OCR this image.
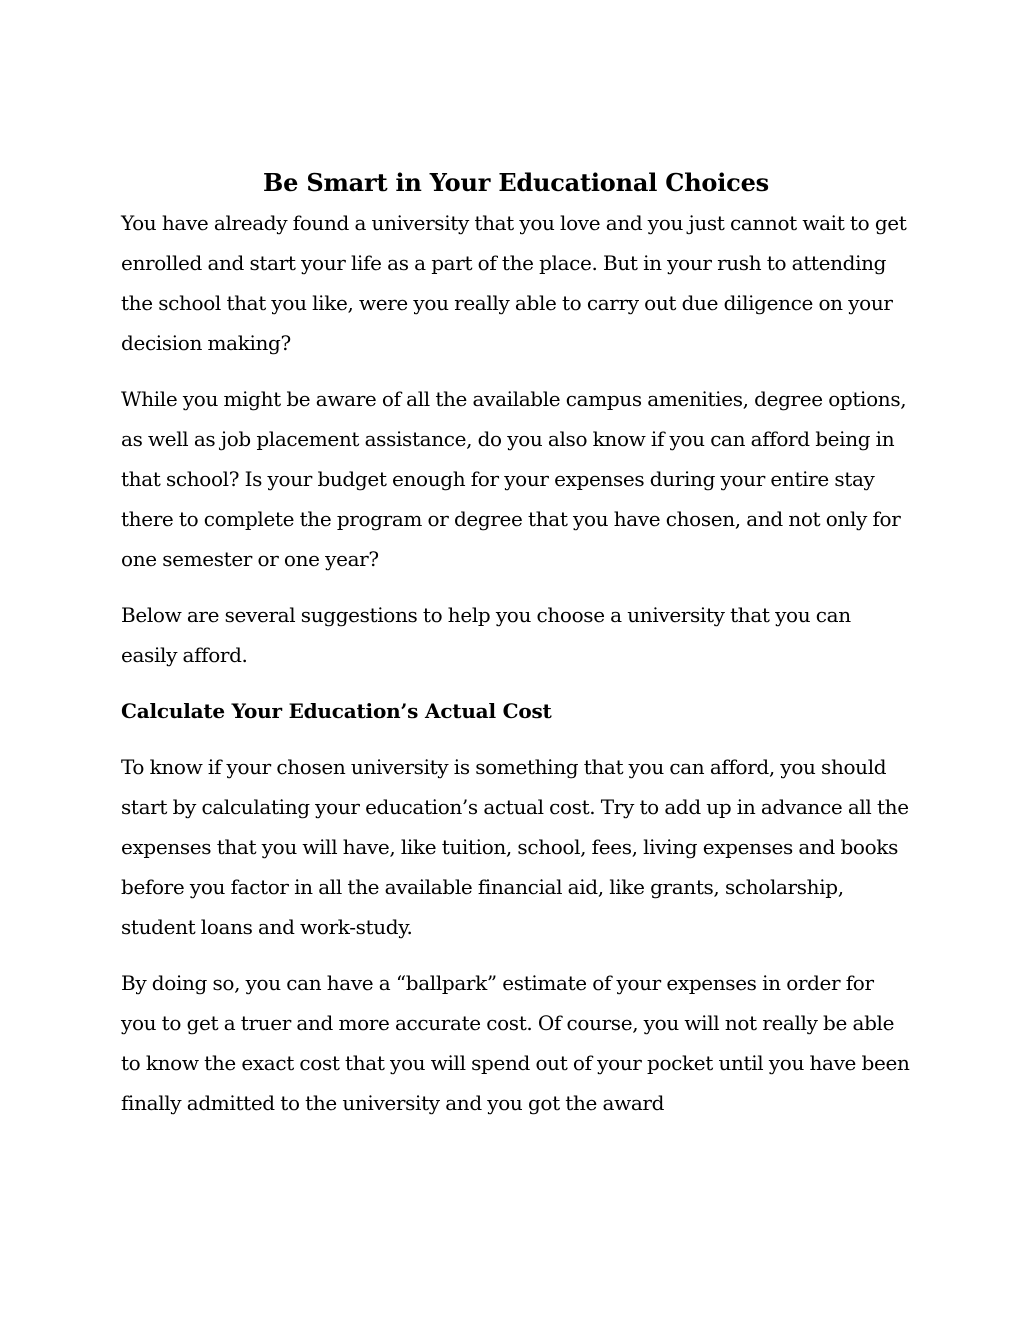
Be Smart in Your Educational Choices

You have already found a university that you love and you just cannot wait to get enrolled and start your life as a part of the place. But in your rush to attending the school that you like, were you really able to carry out due diligence on your decision making?

While you might be aware of all the available campus amenities, degree options, as well as job placement assistance, do you also know if you can afford being in that school? Is your budget enough for your expenses during your entire stay there to complete the program or degree that you have chosen, and not only for one semester or one year?

Below are several suggestions to help you choose a university that you can easily afford.

Calculate Your Education’s Actual Cost

To know if your chosen university is something that you can afford, you should start by calculating your education’s actual cost. Try to add up in advance all the expenses that you will have, like tuition, school, fees, living expenses and books before you factor in all the available financial aid, like grants, scholarship, student loans and work-study.

By doing so, you can have a “ballpark” estimate of your expenses in order for you to get a truer and more accurate cost. Of course, you will not really be able to know the exact cost that you will spend out of your pocket until you have been finally admitted to the university and you got the award
